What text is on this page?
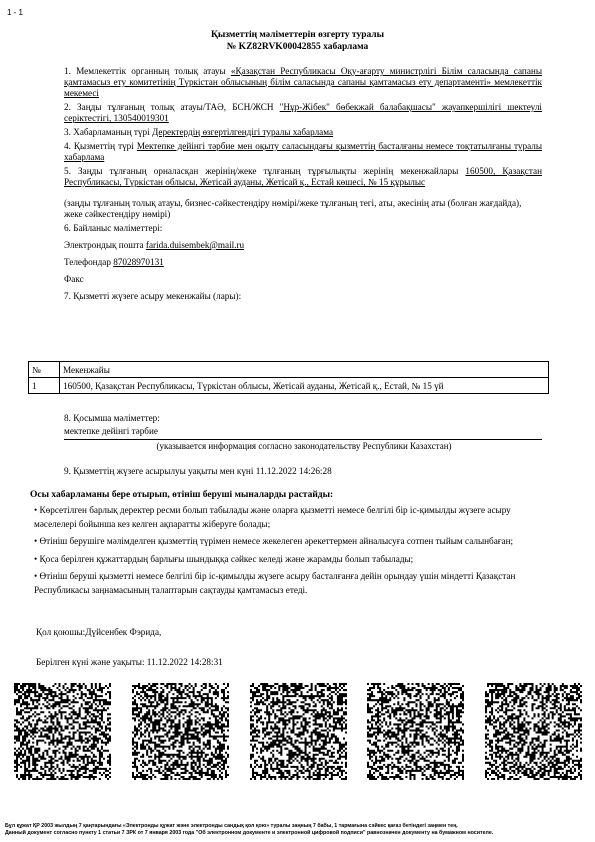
1 - 1
Қызметтің мәліметтерін өзгерту туралы
№ KZ82RVK00042855 хабарлама

1. Мемлекеттік органның толық атауы «Қазақстан Республикасы Оқу-ағарту министрлігі Білім саласында сапаны қамтамасыз ету комитетінің Түркістан облысының білім саласында сапаны қамтамасыз ету департаменті» мемлекеттік мекемесі

2. Заңды тұлғаның толық атауы/ТАӘ, БСН/ЖСН "Нұр-Жібек" бөбекжай балабақшасы" жауапкершілігі шектеулі серіктестігі, 130540019301

3. Хабарламаның түрі Деректердің өзгертілгендігі туралы хабарлама

4. Қызметтің түрі Мектепке дейінгі тәрбие мен оқыту саласындағы қызметтің басталғаны немесе тоқтатылғаны туралы хабарлама

5. Заңды тұлғаның орналасқан жерінің/жеке тұлғаның тұрғылықты жерінің мекенжайлары 160500, Қазақстан Республикасы, Түркістан облысы, Жетісай ауданы, Жетісай қ., Естай көшесі, № 15 құрылыс

(заңды тұлғаның толық атауы, бизнес-сәйкестендіру нөмірі/жеке тұлғаның тегі, аты, әкесінің аты (болған жағдайда), жеке сәйкестендіру нөмірі)

6. Байланыс мәліметтері:

Электрондық пошта farida.duisembek@mail.ru

Телефондар 87028970131

Факс

7. Қызметті жүзеге асыру мекенжайы (лары):

№	Мекенжайы
1	160500, Қазақстан Республикасы, Түркістан облысы, Жетісай ауданы, Жетісай қ., Естай, № 15 үй
8. Қосымша мәліметтер:
мектепке дейінгі тәрбие
(указывается информация согласно законодательству Республики Казахстан)
9. Қызметтің жүзеге асырылуы уақыты мен күні 11.12.2022 14:26:28
Осы хабарламаны бере отырып, өтініш беруші мыналарды растайды:
• Көрсетілген барлық деректер ресми болып табылады және оларға қызметті немесе белгілі бір іс-қимылды жүзеге асыру мәселелері бойынша кез келген ақпаратты жіберуге болады;
• Өтініш берушіге мәлімделген қызметтің түрімен немесе жекелеген әрекеттермен айналысуға сотпен тыйым салынбаған;
• Қоса берілген құжаттардың барлығы шындыққа сәйкес келеді және жарамды болып табылады;
• Өтініш беруші қызметті немесе белгілі бір іс-қимылды жүзеге асыру басталғанға дейін орындау үшін міндетті Қазақстан Республикасы заңнамасының талаптарын сақтауды қамтамасыз етеді.
Қол қоюшы:Дүйсенбек Фэрида,
Берілген күні және уақыты: 11.12.2022 14:28:31
Бұл құжат ҚР 2003 жылдың 7 қаңтарындағы «Электронды құжат және электронды сандық қол қою» туралы заңның 7 бабы, 1 тармағына сәйкес қағаз бетіндегі заңмен тең.
Данный документ согласно пункту 1 статьи 7 ЗРК от 7 января 2003 года "Об электронном документе и электронной цифровой подписи" равнозначен документу на бумажном носителе.
